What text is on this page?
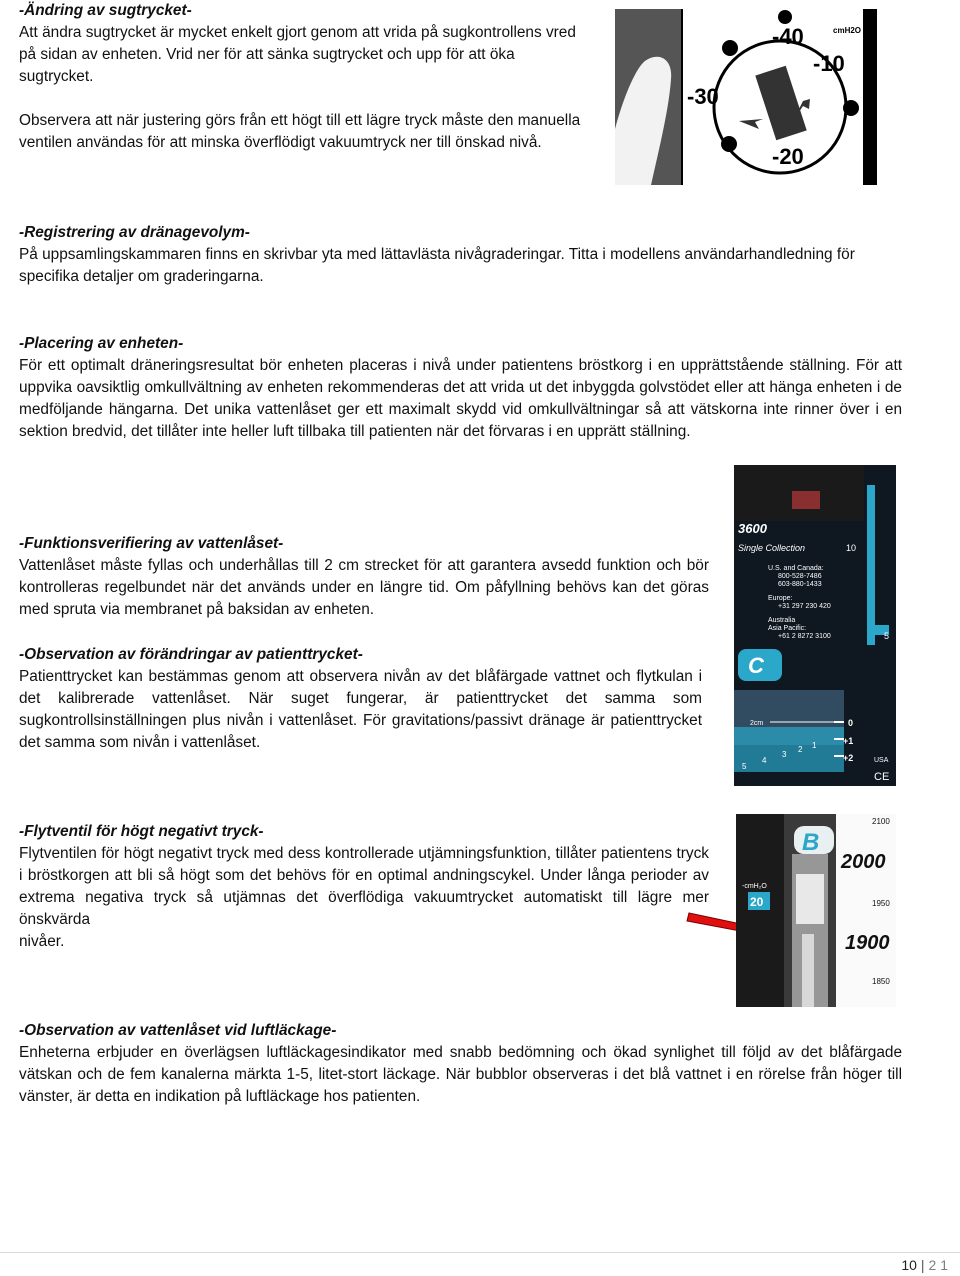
-Ändring av sugtrycket-

Att ändra sugtrycket är mycket enkelt gjort genom att vrida på sugkontrollens vred på sidan av enheten. Vrid ner för att sänka sugtrycket och upp för att öka sugtrycket.

Observera att när justering görs från ett högt till ett lägre tryck måste den manuella ventilen användas för att minska överflödigt vakuumtryck ner till önskad nivå.

-40
-10
-30
-20
cmH2O
-Registrering av dränagevolym-

På uppsamlingskammaren finns en skrivbar yta med lättavlästa nivågraderingar. Titta i modellens användarhandledning för specifika detaljer om graderingarna.

-Placering av enheten-

För ett optimalt dräneringsresultat bör enheten placeras i nivå under patientens bröstkorg i en upprättstående ställning. För att uppvika oavsiktlig omkullvältning av enheten rekommenderas det att vrida ut det inbyggda golvstödet eller att hänga enheten i de medföljande hängarna. Det unika vattenlåset ger ett maximalt skydd vid omkullvältningar så att vätskorna inte rinner över i en sektion bredvid, det tillåter inte heller luft tillbaka till patienten när det förvaras i en upprätt ställning.

10
5
3600
Single Collection
U.S. and Canada:
800-528-7486
603-880-1433
Europe:
+31 297 230 420
Australia
Asia Pacific:
+61 2 8272 3100
C
2cm	0
+1
+2
5
4
3
2 1
USA
CE
-Funktionsverifiering av vattenlåset-

Vattenlåset måste fyllas och underhållas till 2 cm strecket för att garantera avsedd funktion och bör kontrolleras regelbundet när det används under en längre tid. Om påfyllning behövs kan det göras med spruta via membranet på baksidan av enheten.

-Observation av förändringar av patienttrycket-

Patienttrycket kan bestämmas genom att observera nivån av det blåfärgade vattnet och flytkulan i det kalibrerade vattenlåset. När suget fungerar, är patienttrycket det samma som sugkontrollsinställningen plus nivån i vattenlåset. För gravitations/passivt dränage är patienttrycket det samma som nivån i vattenlåset.

-Flytventil för högt negativt tryck-

Flytventilen för högt negativt tryck med dess kontrollerade utjämningsfunktion, tillåter patientens tryck i bröstkorgen att bli så högt som det behövs för en optimal andningscykel. Under långa perioder av extrema negativa tryck så utjämnas det överflödiga vakuumtrycket automatiskt till lägre mer önskvärda

nivåer.

B
-cmH₂O
20
2100
2000
1950
1900
1850
-Observation av vattenlåset vid luftläckage-

Enheterna erbjuder en överlägsen luftläckagesindikator med snabb bedömning och ökad synlighet till följd av det blåfärgade vätskan och de fem kanalerna märkta 1-5, litet-stort läckage. När bubblor observeras i det blå vattnet i en rörelse från höger till vänster, är detta en indikation på luftläckage hos patienten.

10 | 2 1
